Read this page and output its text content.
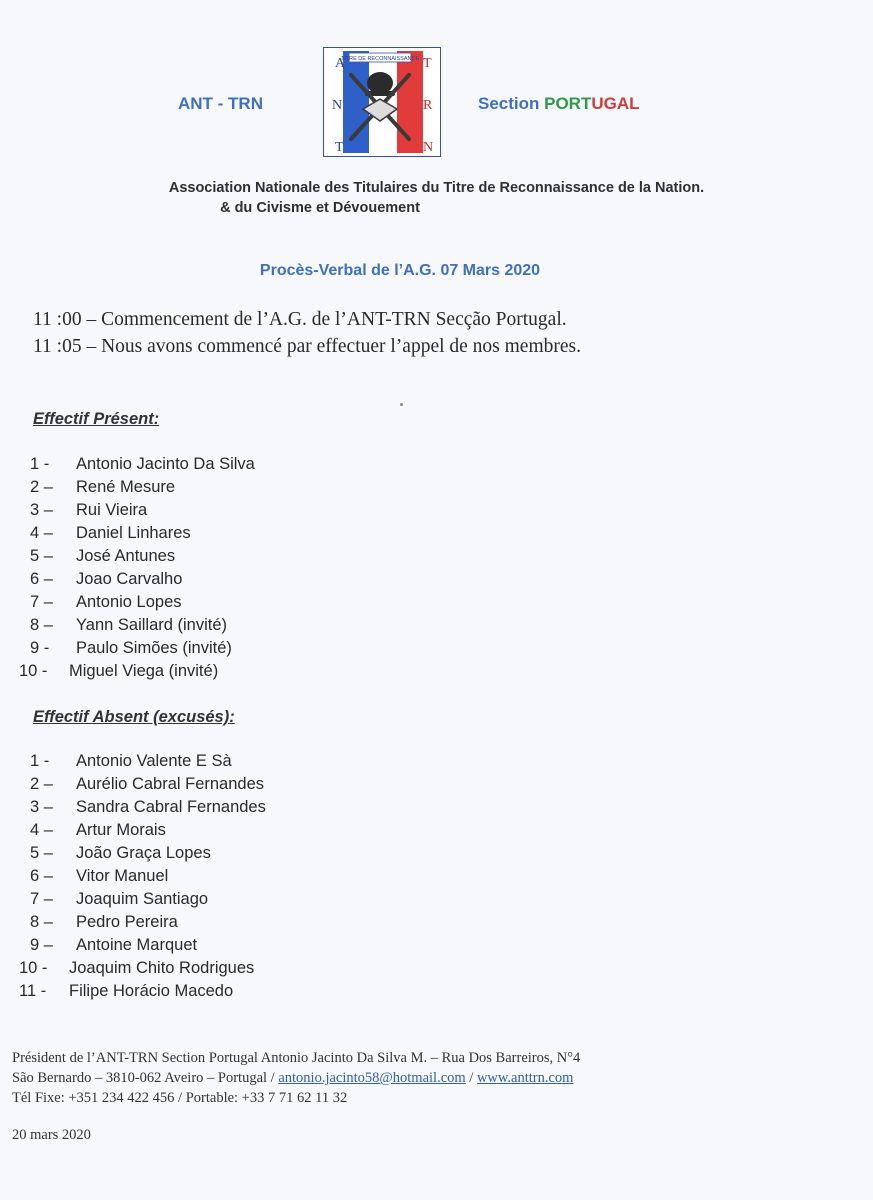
ANT - TRN	Section PORTUGAL
TITRE DE RECONNAISSANCE
A	T
N	R
T	N
Association Nationale des Titulaires du Titre de Reconnaissance de la Nation.
& du Civisme et Dévouement
Procès-Verbal de l’A.G. 07 Mars 2020
11 :00 – Commencement de l’A.G. de l’ANT-TRN Secção Portugal.
11 :05 – Nous avons commencé par effectuer l’appel de nos membres.
Effectif Présent:
1 -	Antonio Jacinto Da Silva
2 –	René Mesure
3 –	Rui Vieira
4 –	Daniel Linhares
5 –	José Antunes
6 –	Joao Carvalho
7 –	Antonio Lopes
8 –	Yann Saillard (invité)
9 -	Paulo Simões (invité)
10 -	Miguel Viega (invité)
Effectif Absent (excusés):
1 -	Antonio Valente E Sà
2 –	Aurélio Cabral Fernandes
3 –	Sandra Cabral Fernandes
4 –	Artur Morais
5 –	João Graça Lopes
6 –	Vitor Manuel
7 –	Joaquim Santiago
8 –	Pedro Pereira
9 –	Antoine Marquet
10 -	Joaquim Chito Rodrigues
11 -	Filipe Horácio Macedo
Président de l’ANT-TRN Section Portugal Antonio Jacinto Da Silva M. – Rua Dos Barreiros, N°4
São Bernardo – 3810-062 Aveiro – Portugal / antonio.jacinto58@hotmail.com / www.anttrn.com
Tél Fixe: +351 234 422 456 / Portable: +33 7 71 62 11 32
20 mars 2020
